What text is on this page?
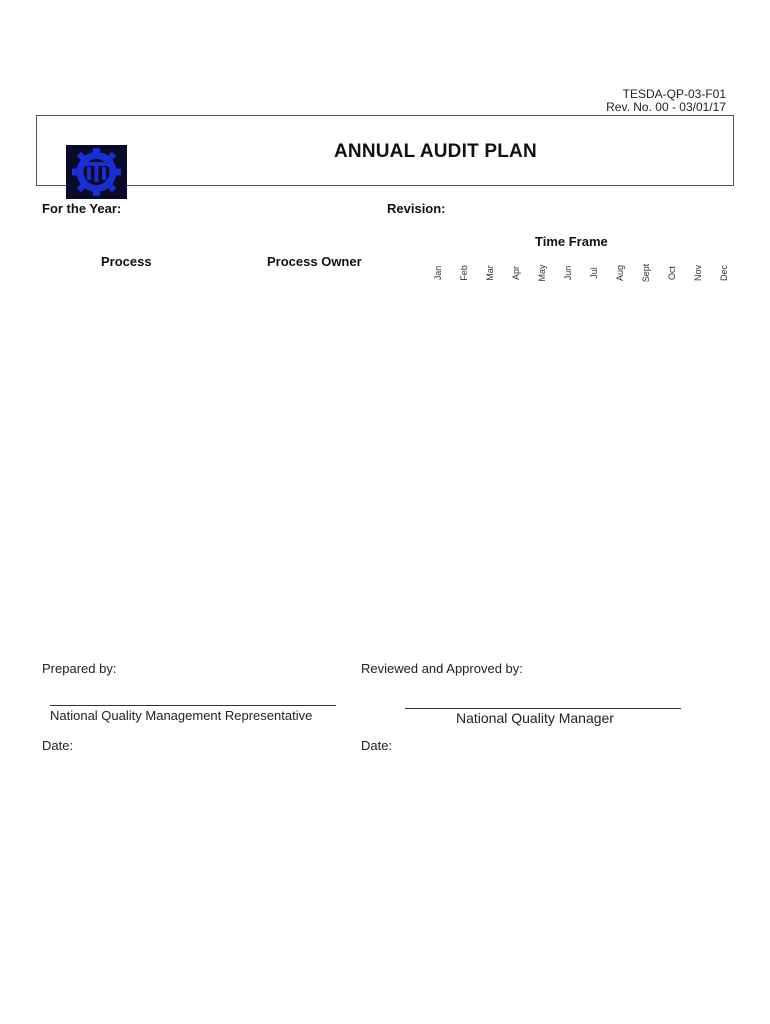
TESDA-QP-03-F01
Rev. No. 00 - 03/01/17
ANNUAL AUDIT PLAN
For the Year:	Revision:
Time Frame
Process	Process Owner
Jan Feb Mar Apr May Jun Jul Aug Sept Oct Nov Dec
Prepared by:	Reviewed and Approved by:
National Quality Management Representative	National Quality Manager
Date:	Date:
